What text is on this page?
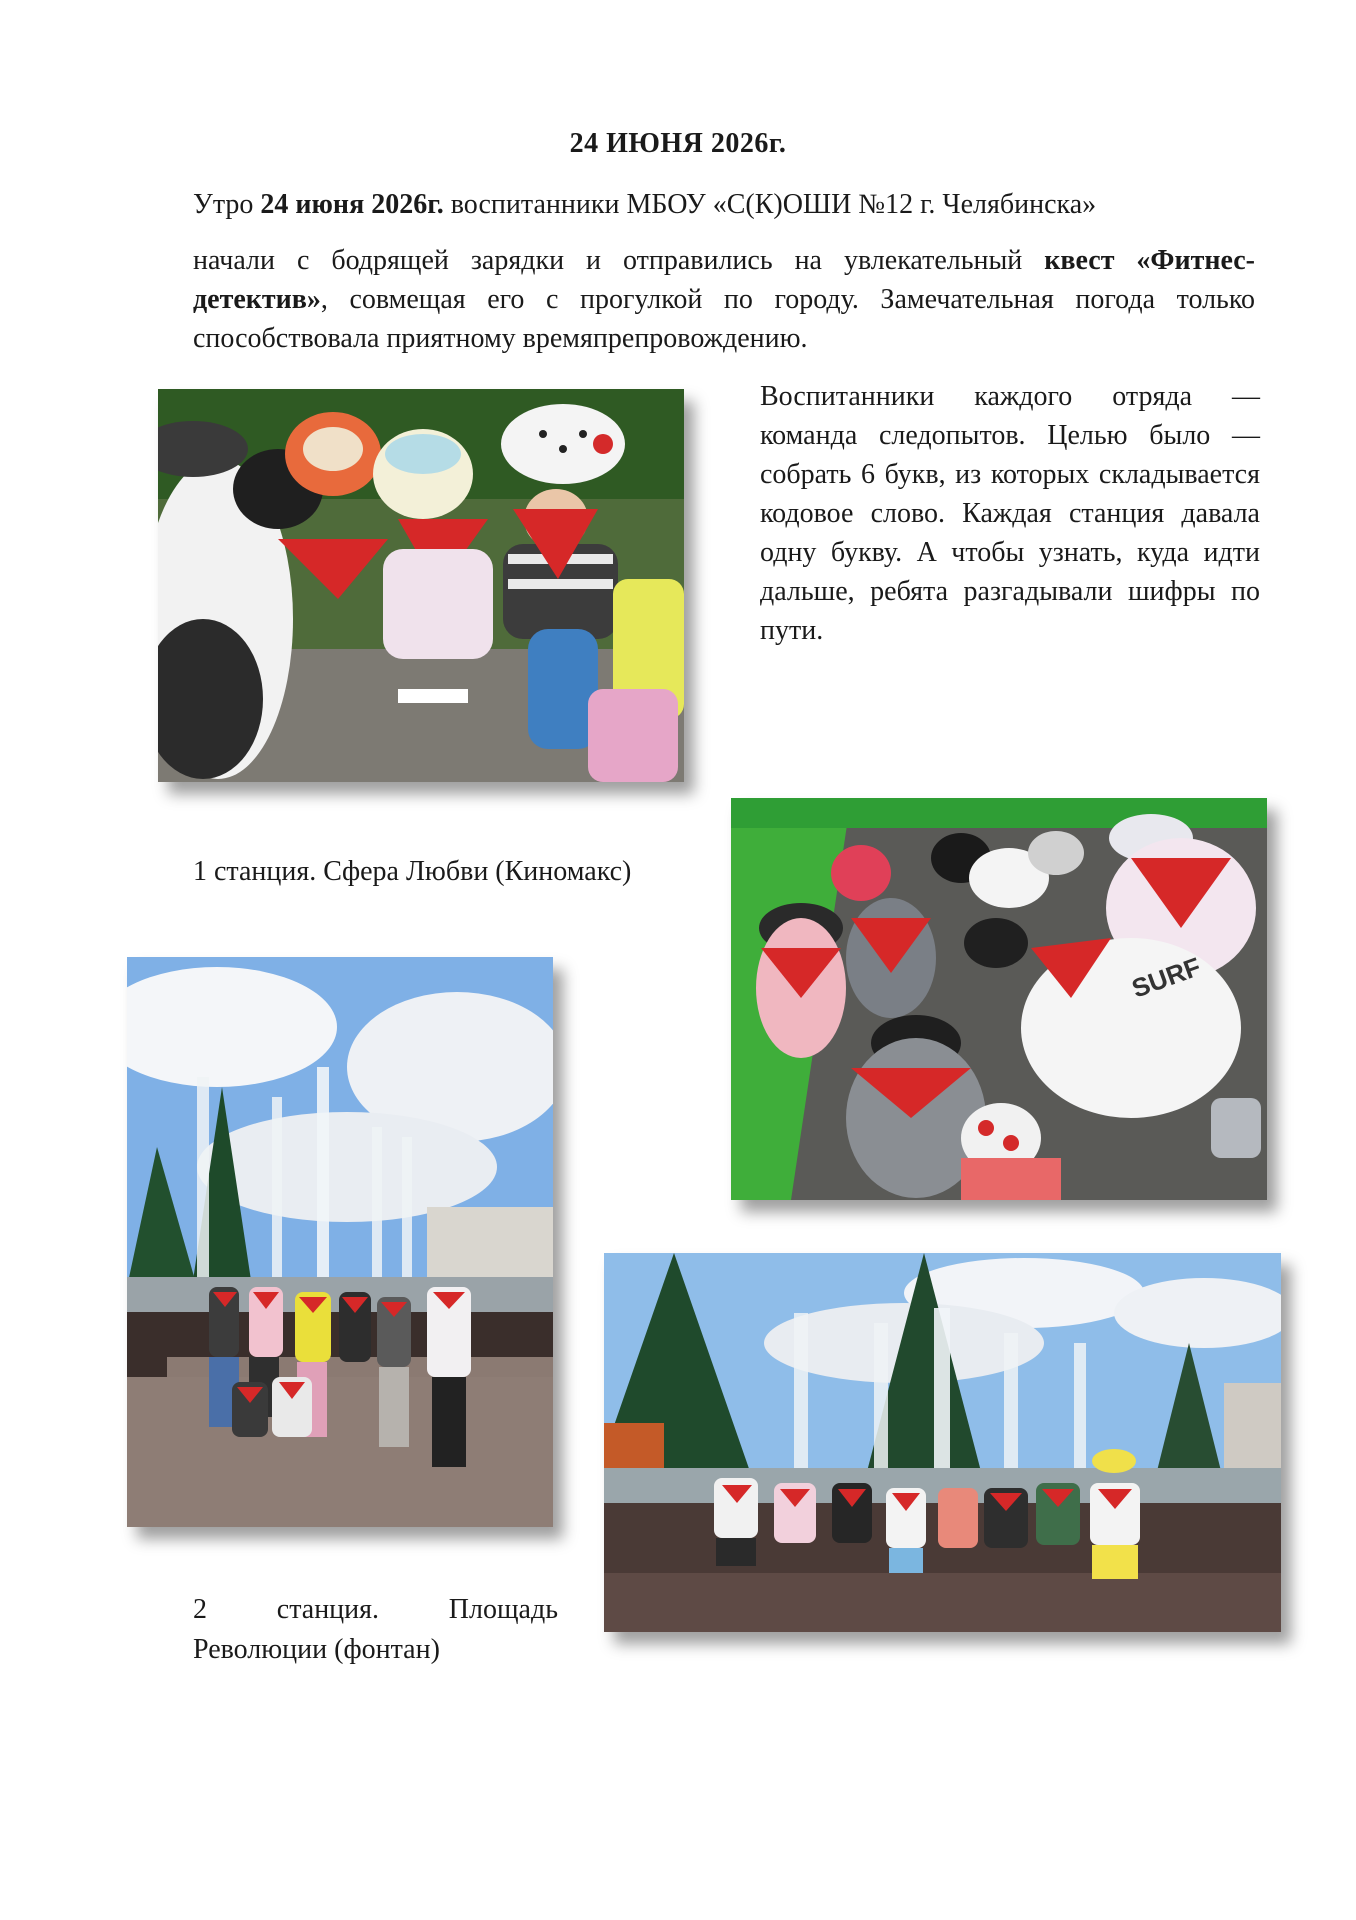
24 ИЮНЯ 2026г.
Утро 24 июня 2026г. воспитанники МБОУ «С(К)ОШИ №12 г. Челябинска»
начали с бодрящей зарядки и отправились на увлекательный квест «Фитнес-детектив», совмещая его с прогулкой по городу. Замечательная погода только способствовала приятному времяпрепровождению.
Воспитанники каждого отряда — команда следопытов. Целью было — собрать 6 букв, из которых складывается кодовое слово. Каждая станция давала одну букву. А чтобы узнать, куда идти дальше, ребята разгадывали шифры по пути.
1 станция. Сфера Любви (Киномакс)
2 станция. Площадь
Революции (фонтан)
SURF
